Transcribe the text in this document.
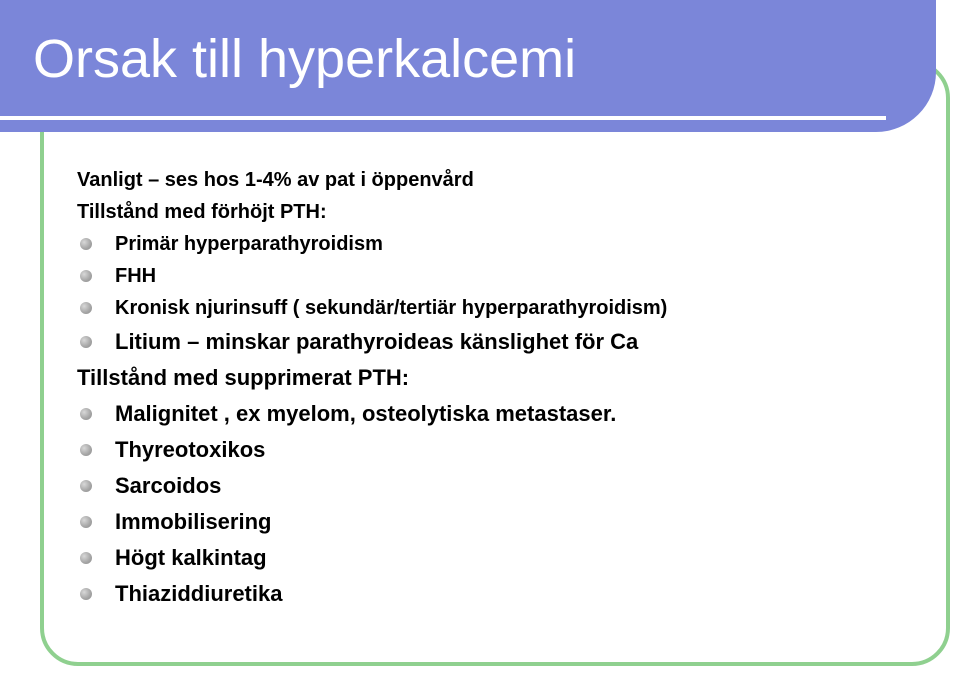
Orsak till hyperkalcemi
Vanligt – ses hos 1-4% av pat i öppenvård
Tillstånd med förhöjt PTH:
Primär hyperparathyroidism
FHH
Kronisk njurinsuff ( sekundär/tertiär hyperparathyroidism)
Litium – minskar parathyroideas känslighet för Ca
Tillstånd med supprimerat PTH:
Malignitet , ex myelom, osteolytiska metastaser.
Thyreotoxikos
Sarcoidos
Immobilisering
Högt kalkintag
Thiaziddiuretika
